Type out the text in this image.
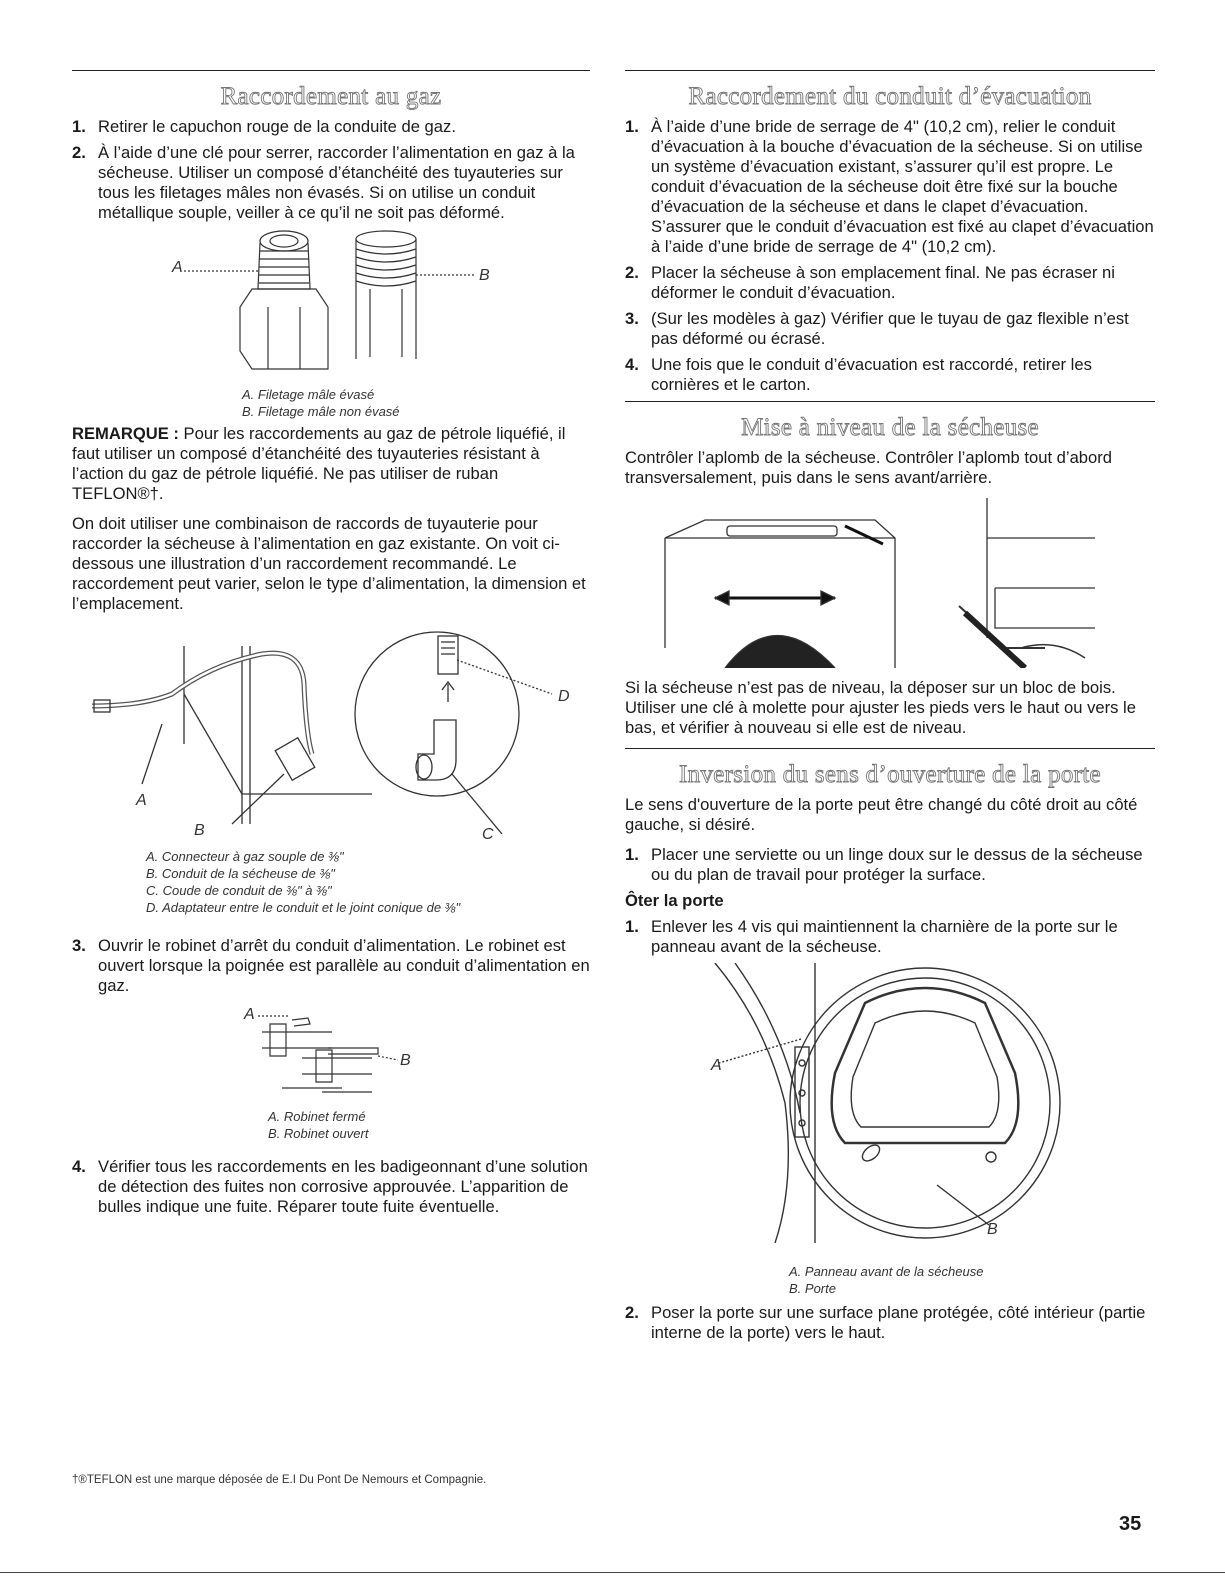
Raccordement au gaz
1. Retirer le capuchon rouge de la conduite de gaz.
2. À l’aide d’une clé pour serrer, raccorder l’alimentation en gaz à la sécheuse. Utiliser un composé d’étanchéité des tuyauteries sur tous les filetages mâles non évasés. Si on utilise un conduit métallique souple, veiller à ce qu’il ne soit pas déformé.
A	B
A. Filetage mâle évasé
B. Filetage mâle non évasé

REMARQUE : Pour les raccordements au gaz de pétrole liquéfié, il faut utiliser un composé d’étanchéité des tuyauteries résistant à l’action du gaz de pétrole liquéfié. Ne pas utiliser de ruban TEFLON®†.

On doit utiliser une combinaison de raccords de tuyauterie pour raccorder la sécheuse à l’alimentation en gaz existante. On voit ci-dessous une illustration d’un raccordement recommandé. Le raccordement peut varier, selon le type d’alimentation, la dimension et l’emplacement.

A
B	C
D
A. Connecteur à gaz souple de ⅜"
B. Conduit de la sécheuse de ⅜"
C. Coude de conduit de ⅜" à ⅜"
D. Adaptateur entre le conduit et le joint conique de ⅜"
3. Ouvrir le robinet d’arrêt du conduit d’alimentation. Le robinet est ouvert lorsque la poignée est parallèle au conduit d’alimentation en gaz.
A
B
A. Robinet fermé
B. Robinet ouvert
4. Vérifier tous les raccordements en les badigeonnant d’une solution de détection des fuites non corrosive approuvée. L’apparition de bulles indique une fuite. Réparer toute fuite éventuelle.
Raccordement du conduit d’évacuation
1. À l’aide d’une bride de serrage de 4" (10,2 cm), relier le conduit d’évacuation à la bouche d’évacuation de la sécheuse. Si on utilise un système d’évacuation existant, s’assurer qu’il est propre. Le conduit d’évacuation de la sécheuse doit être fixé sur la bouche d’évacuation de la sécheuse et dans le clapet d’évacuation. S’assurer que le conduit d’évacuation est fixé au clapet d’évacuation à l’aide d’une bride de serrage de 4" (10,2 cm).
2. Placer la sécheuse à son emplacement final. Ne pas écraser ni déformer le conduit d’évacuation.
3. (Sur les modèles à gaz) Vérifier que le tuyau de gaz flexible n’est pas déformé ou écrasé.
4. Une fois que le conduit d’évacuation est raccordé, retirer les cornières et le carton.
Mise à niveau de la sécheuse

Contrôler l’aplomb de la sécheuse. Contrôler l’aplomb tout d’abord transversalement, puis dans le sens avant/arrière.

Si la sécheuse n’est pas de niveau, la déposer sur un bloc de bois. Utiliser une clé à molette pour ajuster les pieds vers le haut ou vers le bas, et vérifier à nouveau si elle est de niveau.

Inversion du sens d’ouverture de la porte

Le sens d'ouverture de la porte peut être changé du côté droit au côté gauche, si désiré.

1. Placer une serviette ou un linge doux sur le dessus de la sécheuse ou du plan de travail pour protéger la surface.
Ôter la porte
1. Enlever les 4 vis qui maintiennent la charnière de la porte sur le panneau avant de la sécheuse.
A
B
A. Panneau avant de la sécheuse
B. Porte
2. Poser la porte sur une surface plane protégée, côté intérieur (partie interne de la porte) vers le haut.
†®TEFLON est une marque déposée de E.I Du Pont De Nemours et Compagnie.
35
